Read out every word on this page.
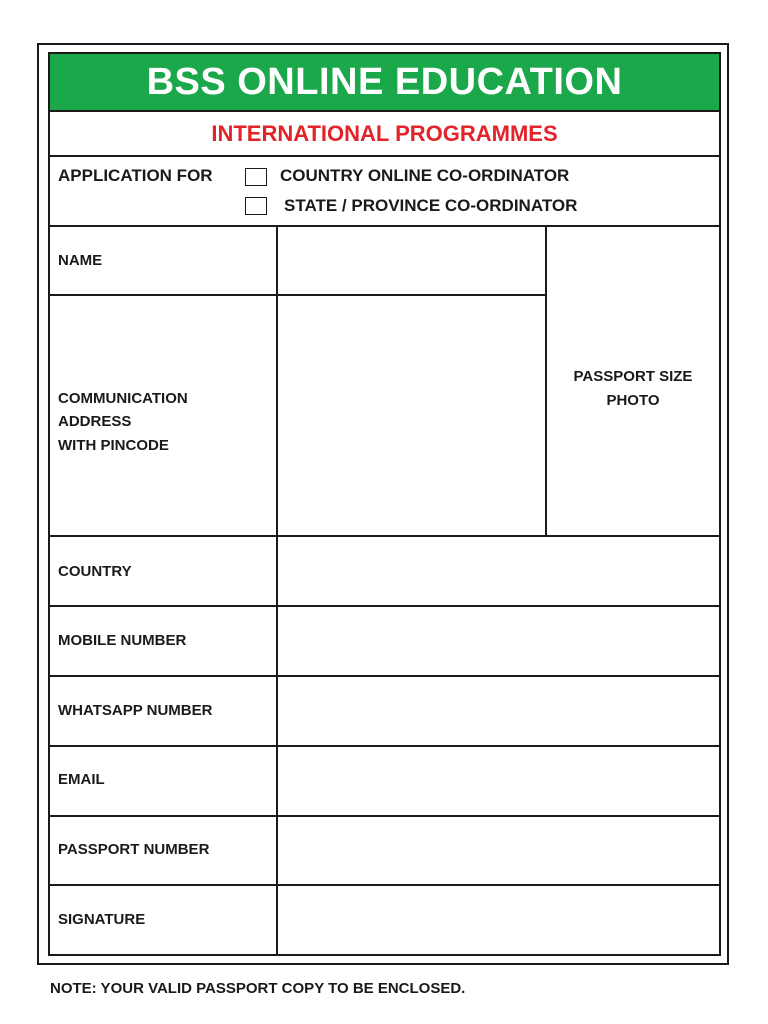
BSS ONLINE EDUCATION
INTERNATIONAL PROGRAMMES
APPLICATION FOR	COUNTRY ONLINE CO-ORDINATOR
STATE / PROVINCE CO-ORDINATOR
NAME
COMMUNICATION
ADDRESS
WITH PINCODE
COUNTRY
MOBILE NUMBER
WHATSAPP NUMBER
EMAIL
PASSPORT NUMBER
SIGNATURE
PASSPORT SIZE
PHOTO
NOTE: YOUR VALID PASSPORT COPY TO BE ENCLOSED.
